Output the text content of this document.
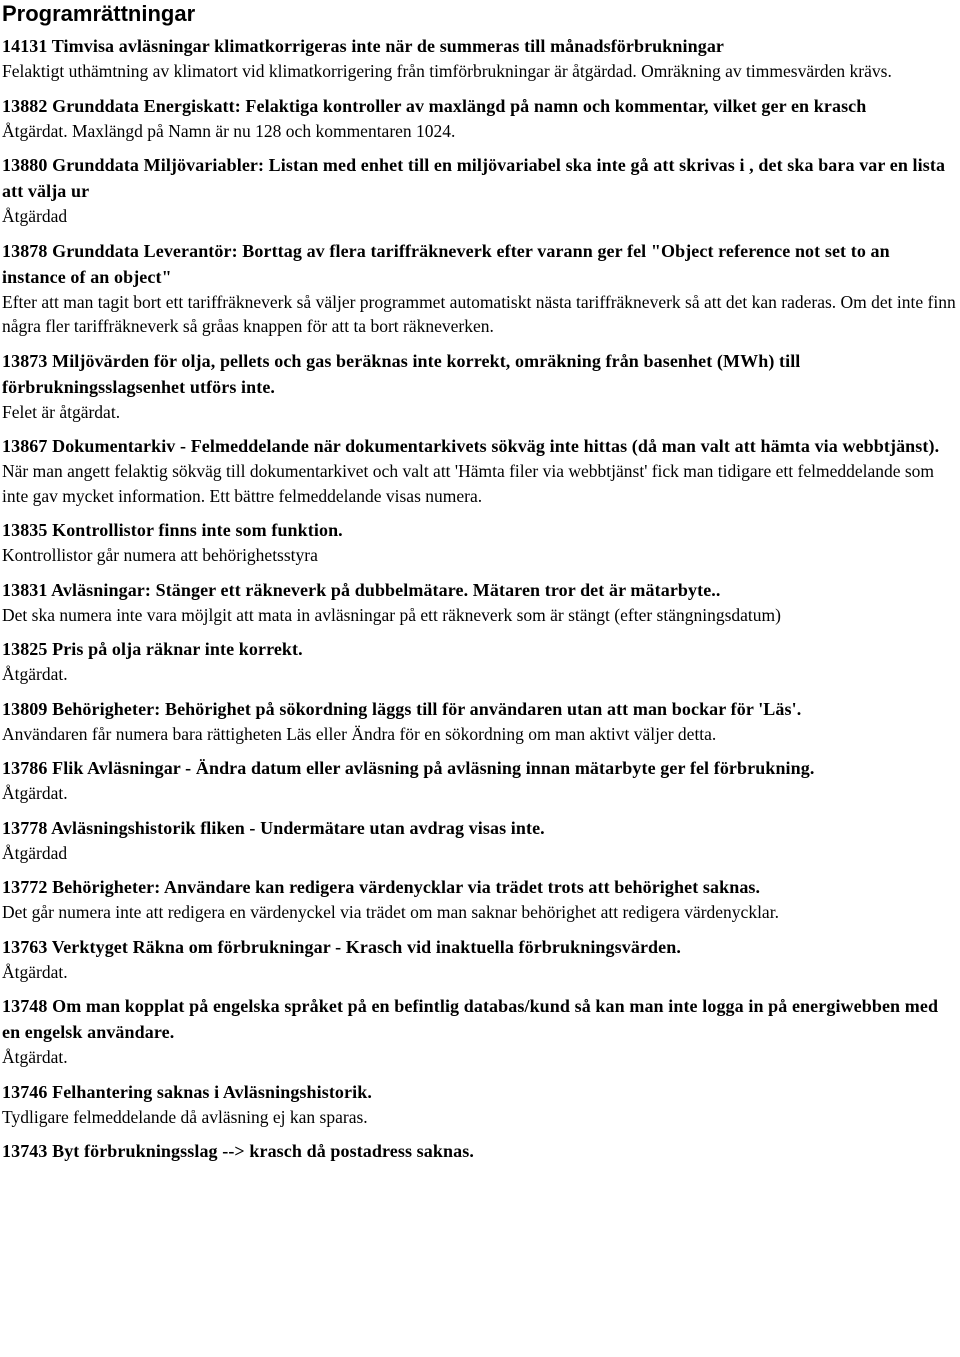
Programrättningar

14131 Timvisa avläsningar klimatkorrigeras inte när de summeras till månadsförbrukningar

Felaktigt uthämtning av klimatort vid klimatkorrigering från timförbrukningar är åtgärdad. Omräkning av timmesvärden krävs.

13882 Grunddata Energiskatt: Felaktiga kontroller av maxlängd på namn och kommentar, vilket ger en krasch

Åtgärdat. Maxlängd på Namn är nu 128 och kommentaren 1024.

13880 Grunddata Miljövariabler: Listan med enhet till en miljövariabel ska inte gå att skrivas i , det ska bara var en lista att välja ur

Åtgärdad

13878 Grunddata Leverantör: Borttag av flera tariffräkneverk efter varann ger fel "Object reference not set to an instance of an object"

Efter att man tagit bort ett tariffräkneverk så väljer programmet automatiskt nästa tariffräkneverk så att det kan raderas. Om det inte finn några fler tariffräkneverk så gråas knappen för att ta bort räkneverken.

13873 Miljövärden för olja, pellets och gas beräknas inte korrekt, omräkning från basenhet (MWh) till förbrukningsslagsenhet utförs inte.

Felet är åtgärdat.

13867 Dokumentarkiv - Felmeddelande när dokumentarkivets sökväg inte hittas (då man valt att hämta via webbtjänst).

När man angett felaktig sökväg till dokumentarkivet och valt att 'Hämta filer via webbtjänst' fick man tidigare ett felmeddelande som inte gav mycket information. Ett bättre felmeddelande visas numera.

13835 Kontrollistor finns inte som funktion.

Kontrollistor går numera att behörighetsstyra

13831 Avläsningar: Stänger ett räkneverk på dubbelmätare. Mätaren tror det är mätarbyte..

Det ska numera inte vara möjlgit att mata in avläsningar på ett räkneverk som är stängt (efter stängningsdatum)

13825 Pris på olja räknar inte korrekt.

Åtgärdat.

13809 Behörigheter: Behörighet på sökordning läggs till för användaren utan att man bockar för 'Läs'.

Användaren får numera bara rättigheten Läs eller Ändra för en sökordning om man aktivt väljer detta.

13786 Flik Avläsningar - Ändra datum eller avläsning på avläsning innan mätarbyte ger fel förbrukning.

Åtgärdat.

13778 Avläsningshistorik fliken - Undermätare utan avdrag visas inte.

Åtgärdad

13772 Behörigheter: Användare kan redigera värdenycklar via trädet trots att behörighet saknas.

Det går numera inte att redigera en värdenyckel via trädet om man saknar behörighet att redigera värdenycklar.

13763 Verktyget Räkna om förbrukningar - Krasch vid inaktuella förbrukningsvärden.

Åtgärdat.

13748 Om man kopplat på engelska språket på en befintlig databas/kund så kan man inte logga in på energiwebben med en engelsk användare.

Åtgärdat.

13746 Felhantering saknas i Avläsningshistorik.

Tydligare felmeddelande då avläsning ej kan sparas.

13743 Byt förbrukningsslag --> krasch då postadress saknas.
